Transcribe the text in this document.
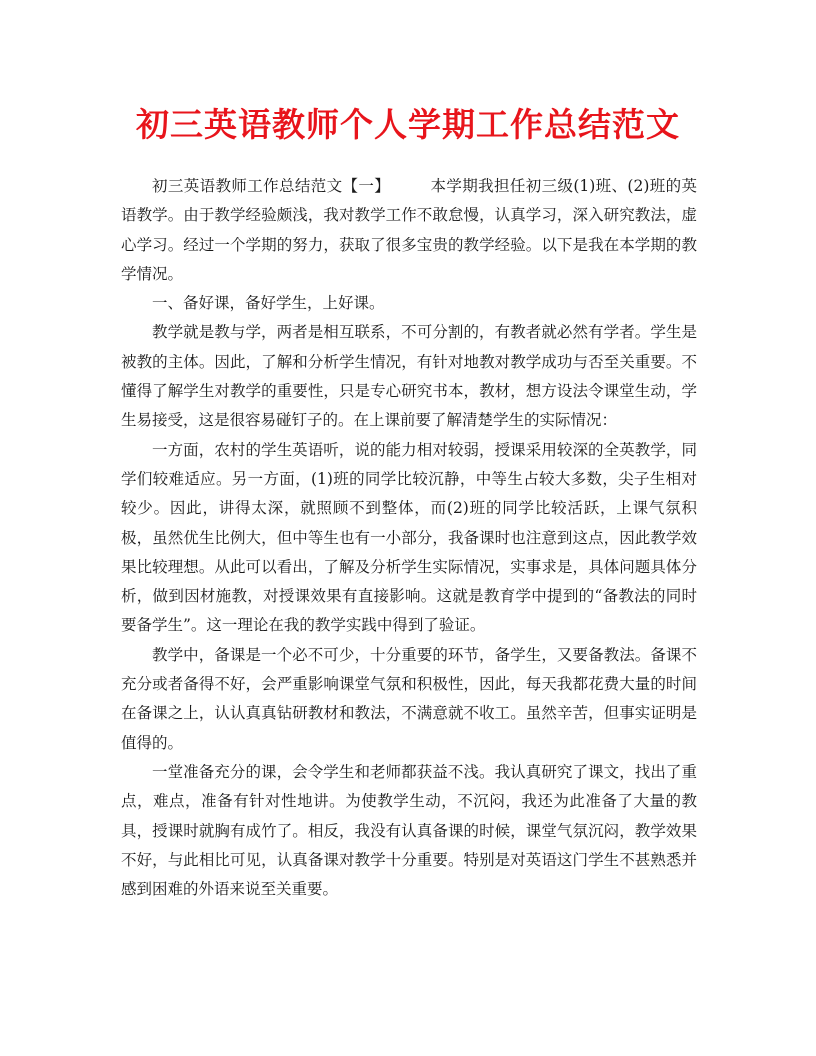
初三英语教师个人学期工作总结范文

初三英语教师工作总结范文【一】	本学期我担任初三级(1)班、(2)班的英语教学。由于教学经验颇浅，我对教学工作不敢怠慢，认真学习，深入研究教法，虚心学习。经过一个学期的努力，获取了很多宝贵的教学经验。以下是我在本学期的教学情况。

一、备好课，备好学生，上好课。

教学就是教与学，两者是相互联系，不可分割的，有教者就必然有学者。学生是被教的主体。因此，了解和分析学生情况，有针对地教对教学成功与否至关重要。不懂得了解学生对教学的重要性，只是专心研究书本，教材，想方设法令课堂生动，学生易接受，这是很容易碰钉子的。在上课前要了解清楚学生的实际情况：

一方面，农村的学生英语听，说的能力相对较弱，授课采用较深的全英教学，同学们较难适应。另一方面，(1)班的同学比较沉静，中等生占较大多数，尖子生相对较少。因此，讲得太深，就照顾不到整体，而(2)班的同学比较活跃，上课气氛积极，虽然优生比例大，但中等生也有一小部分，我备课时也注意到这点，因此教学效果比较理想。从此可以看出，了解及分析学生实际情况，实事求是，具体问题具体分析，做到因材施教，对授课效果有直接影响。这就是教育学中提到的“备教法的同时要备学生”。这一理论在我的教学实践中得到了验证。

教学中，备课是一个必不可少，十分重要的环节，备学生，又要备教法。备课不充分或者备得不好，会严重影响课堂气氛和积极性，因此，每天我都花费大量的时间在备课之上，认认真真钻研教材和教法，不满意就不收工。虽然辛苦，但事实证明是值得的。

一堂准备充分的课，会令学生和老师都获益不浅。我认真研究了课文，找出了重点，难点，准备有针对性地讲。为使教学生动，不沉闷，我还为此准备了大量的教具，授课时就胸有成竹了。相反，我没有认真备课的时候，课堂气氛沉闷，教学效果不好，与此相比可见，认真备课对教学十分重要。特别是对英语这门学生不甚熟悉并感到困难的外语来说至关重要。
